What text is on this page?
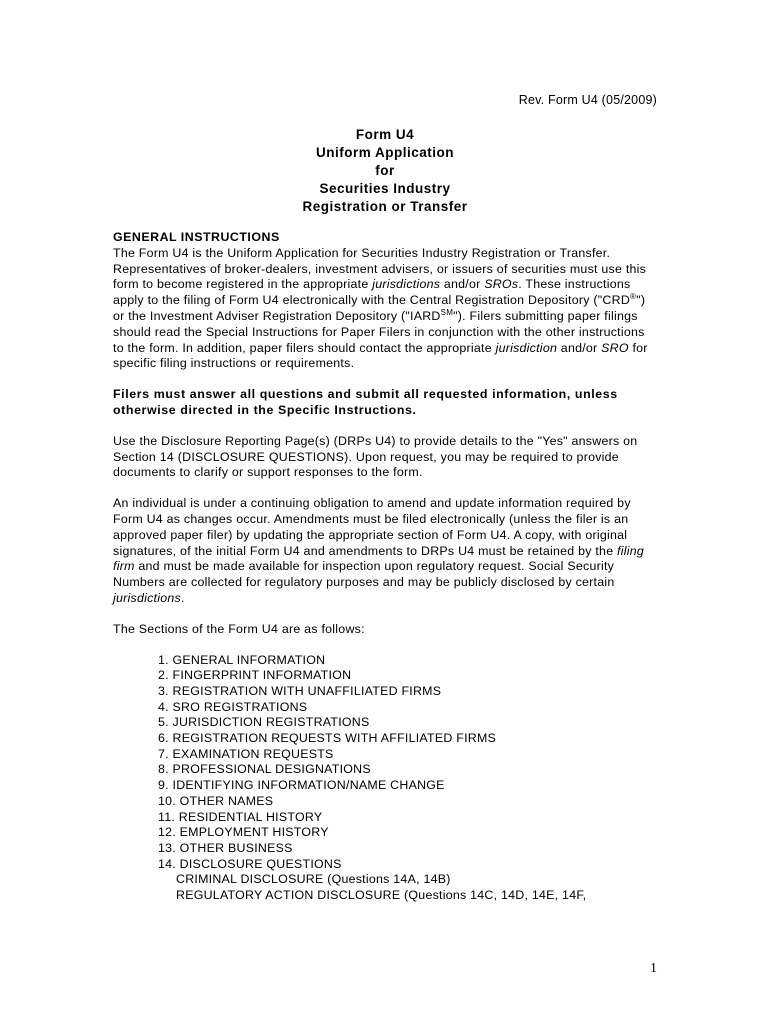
Rev. Form U4 (05/2009)
Form U4
Uniform Application
for
Securities Industry
Registration or Transfer
GENERAL INSTRUCTIONS

The Form U4 is the Uniform Application for Securities Industry Registration or Transfer. Representatives of broker-dealers, investment advisers, or issuers of securities must use this form to become registered in the appropriate jurisdictions and/or SROs. These instructions apply to the filing of Form U4 electronically with the Central Registration Depository ("CRD®") or the Investment Adviser Registration Depository ("IARD℠"). Filers submitting paper filings should read the Special Instructions for Paper Filers in conjunction with the other instructions to the form. In addition, paper filers should contact the appropriate jurisdiction and/or SRO for specific filing instructions or requirements.

Filers must answer all questions and submit all requested information, unless otherwise directed in the Specific Instructions.

Use the Disclosure Reporting Page(s) (DRPs U4) to provide details to the "Yes" answers on Section 14 (DISCLOSURE QUESTIONS). Upon request, you may be required to provide documents to clarify or support responses to the form.

An individual is under a continuing obligation to amend and update information required by Form U4 as changes occur. Amendments must be filed electronically (unless the filer is an approved paper filer) by updating the appropriate section of Form U4. A copy, with original signatures, of the initial Form U4 and amendments to DRPs U4 must be retained by the filing firm and must be made available for inspection upon regulatory request. Social Security Numbers are collected for regulatory purposes and may be publicly disclosed by certain jurisdictions.

The Sections of the Form U4 are as follows:

1. GENERAL INFORMATION
2. FINGERPRINT INFORMATION
3. REGISTRATION WITH UNAFFILIATED FIRMS
4. SRO REGISTRATIONS
5. JURISDICTION REGISTRATIONS
6. REGISTRATION REQUESTS WITH AFFILIATED FIRMS
7. EXAMINATION REQUESTS
8. PROFESSIONAL DESIGNATIONS
9. IDENTIFYING INFORMATION/NAME CHANGE
10. OTHER NAMES
11. RESIDENTIAL HISTORY
12. EMPLOYMENT HISTORY
13. OTHER BUSINESS
14. DISCLOSURE QUESTIONS
CRIMINAL DISCLOSURE (Questions 14A, 14B)
REGULATORY ACTION DISCLOSURE (Questions 14C, 14D, 14E, 14F,
1
